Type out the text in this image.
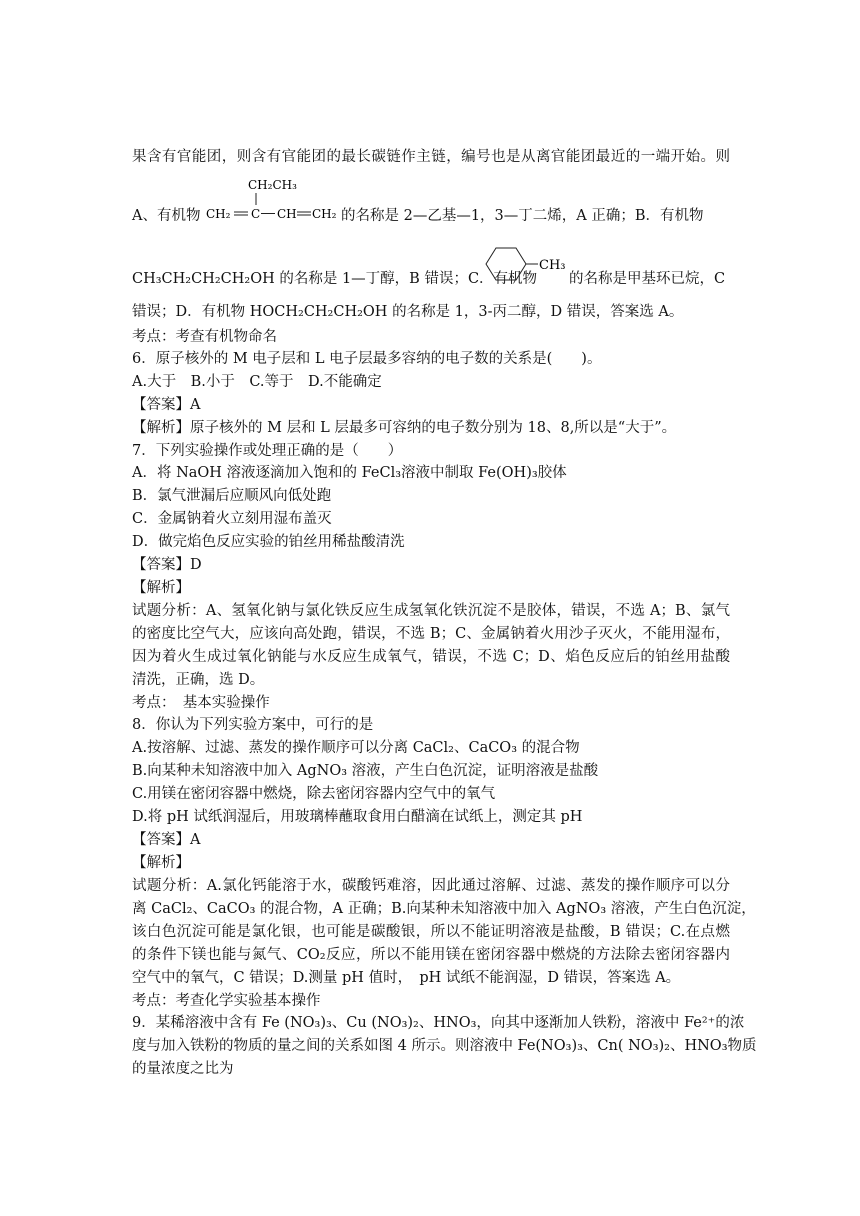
果含有官能团，则含有官能团的最长碳链作主链，编号也是从离官能团最近的一端开始。则
A、有机物
CH₂CH₃
CH₂ C CH CH₂ 的名称是 2—乙基—1，3—丁二烯，A 正确；B．有机物
CH₃CH₂CH₂CH₂OH 的名称是 1—丁醇，B 错误；C．有机物
CH₃
的名称是甲基环已烷，C
错误；D．有机物 HOCH₂CH₂CH₂OH 的名称是 1，3-丙二醇，D 错误，答案选 A。
考点：考查有机物命名
6．原子核外的 M 电子层和 L 电子层最多容纳的电子数的关系是(　　)。
A.大于　B.小于　C.等于　D.不能确定
【答案】A
【解析】原子核外的 M 层和 L 层最多可容纳的电子数分别为 18、8,所以是“大于”。
7．下列实验操作或处理正确的是（　　）
A．将 NaOH 溶液逐滴加入饱和的 FeCl₃溶液中制取 Fe(OH)₃胶体
B．氯气泄漏后应顺风向低处跑
C．金属钠着火立刻用湿布盖灭
D．做完焰色反应实验的铂丝用稀盐酸清洗
【答案】D
【解析】
试题分析：A、氢氧化钠与氯化铁反应生成氢氧化铁沉淀不是胶体，错误，不选 A；B、氯气
的密度比空气大，应该向高处跑，错误，不选 B；C、金属钠着火用沙子灭火，不能用湿布，
因为着火生成过氧化钠能与水反应生成氧气，错误，不选 C；D、焰色反应后的铂丝用盐酸
清洗，正确，选 D。
考点：　基本实验操作
8．你认为下列实验方案中，可行的是
A.按溶解、过滤、蒸发的操作顺序可以分离 CaCl₂、CaCO₃ 的混合物
B.向某种未知溶液中加入 AgNO₃ 溶液，产生白色沉淀，证明溶液是盐酸
C.用镁在密闭容器中燃烧，除去密闭容器内空气中的氧气
D.将 pH 试纸润湿后，用玻璃棒蘸取食用白醋滴在试纸上，测定其 pH
【答案】A
【解析】
试题分析：A.氯化钙能溶于水，碳酸钙难溶，因此通过溶解、过滤、蒸发的操作顺序可以分
离 CaCl₂、CaCO₃ 的混合物，A 正确；B.向某种未知溶液中加入 AgNO₃ 溶液，产生白色沉淀，
该白色沉淀可能是氯化银，也可能是碳酸银，所以不能证明溶液是盐酸，B 错误；C.在点燃
的条件下镁也能与氮气、CO₂反应，所以不能用镁在密闭容器中燃烧的方法除去密闭容器内
空气中的氧气，C 错误；D.测量 pH 值时，　pH 试纸不能润湿，D 错误，答案选 A。
考点：考查化学实验基本操作
9．某稀溶液中含有 Fe (NO₃)₃、Cu (NO₃)₂、HNO₃，向其中逐渐加人铁粉，溶液中 Fe²⁺的浓
度与加入铁粉的物质的量之间的关系如图 4 所示。则溶液中 Fe(NO₃)₃、Cn( NO₃)₂、HNO₃物质
的量浓度之比为
